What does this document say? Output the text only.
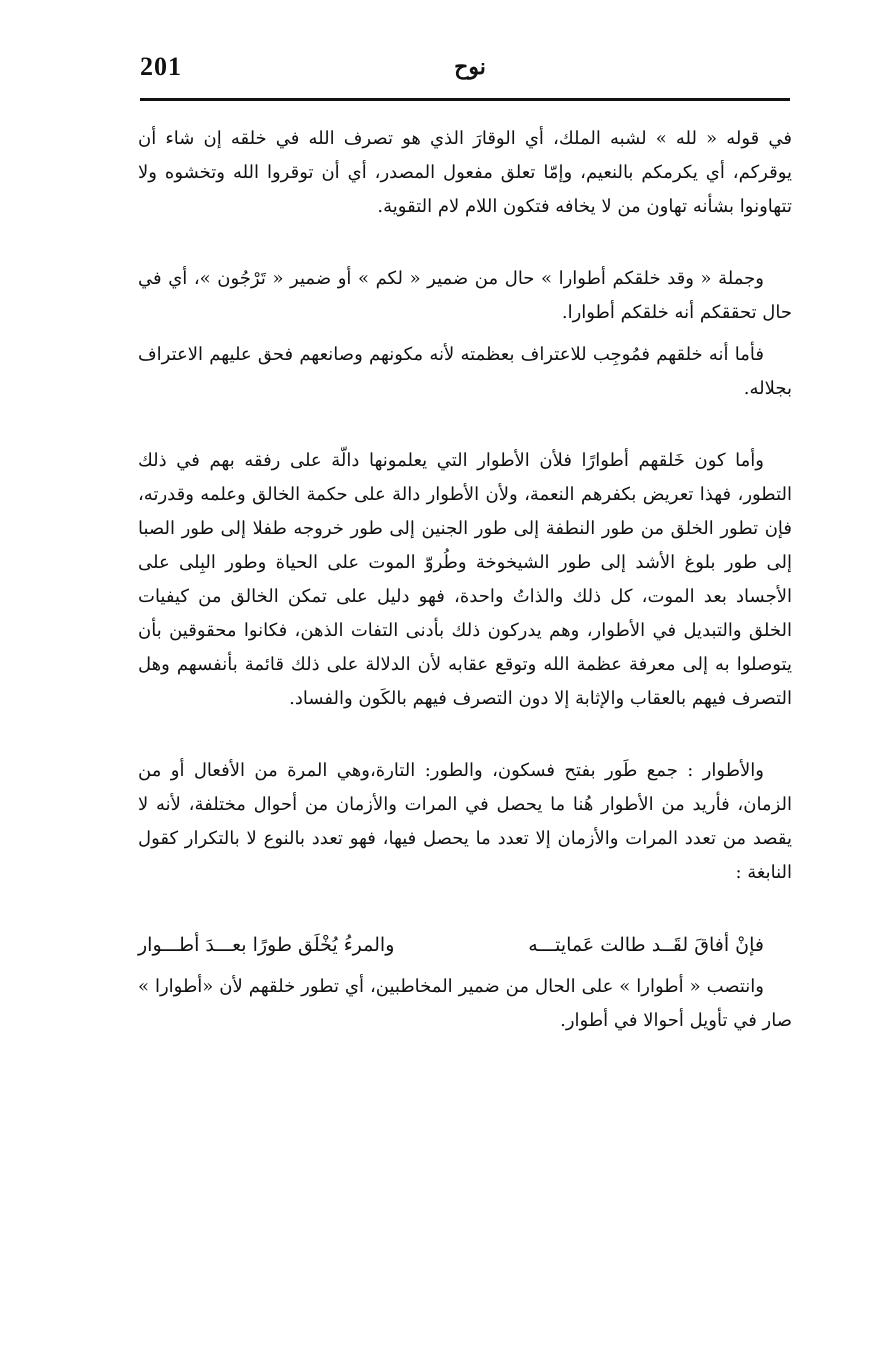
201	نوح

في قوله « لله » لشبه الملك، أي الوقارَ الذي هو تصرف الله في خلقه إن شاء أن يوقركم، أي يكرمكم بالنعيم، وإمّا تعلق مفعول المصدر، أي أن توقروا الله وتخشوه ولا تتهاونوا بشأنه تهاون من لا يخافه فتكون اللام لام التقوية.

وجملة « وقد خلقكم أطوارا » حال من ضمير « لكم » أو ضمير « تَرْجُون »، أي في حال تحققكم أنه خلقكم أطوارا.

فأما أنه خلقهم فمُوجِب للاعتراف بعظمته لأنه مكونهم وصانعهم فحق عليهم الاعتراف بجلاله.

وأما كون خَلقهم أطوارًا فلأن الأطوار التي يعلمونها دالّة على رفقه بهم في ذلك التطور، فهذا تعريض بكفرهم النعمة، ولأن الأطوار دالة على حكمة الخالق وعلمه وقدرته، فإن تطور الخلق من طور النطفة إلى طور الجنين إلى طور خروجه طفلا إلى طور الصبا إلى طور بلوغ الأشد إلى طور الشيخوخة وطُروّ الموت على الحياة وطور البِلى على الأجساد بعد الموت، كل ذلك والذاتُ واحدة، فهو دليل على تمكن الخالق من كيفيات الخلق والتبديل في الأطوار، وهم يدركون ذلك بأدنى التفات الذهن، فكانوا محقوقين بأن يتوصلوا به إلى معرفة عظمة الله وتوقع عقابه لأن الدلالة على ذلك قائمة بأنفسهم وهل التصرف فيهم بالعقاب والإثابة إلا دون التصرف فيهم بالكَون والفساد.

والأطوار : جمع طَور بفتح فسكون، والطور: التارة،وهي المرة من الأفعال أو من الزمان، فأريد من الأطوار هُنا ما يحصل في المرات والأزمان من أحوال مختلفة، لأنه لا يقصد من تعدد المرات والأزمان إلا تعدد ما يحصل فيها، فهو تعدد بالنوع لا بالتكرار كقول النابغة :

فإنْ أفاقَ لقَــد طالت عَمايتـــه
والمرءُ يُخْلَق طورًا بعـــدَ أطـــوار

وانتصب « أطوارا » على الحال من ضمير المخاطبين، أي تطور خلقهم لأن «أطوارا » صار في تأويل أحوالا في أطوار.
